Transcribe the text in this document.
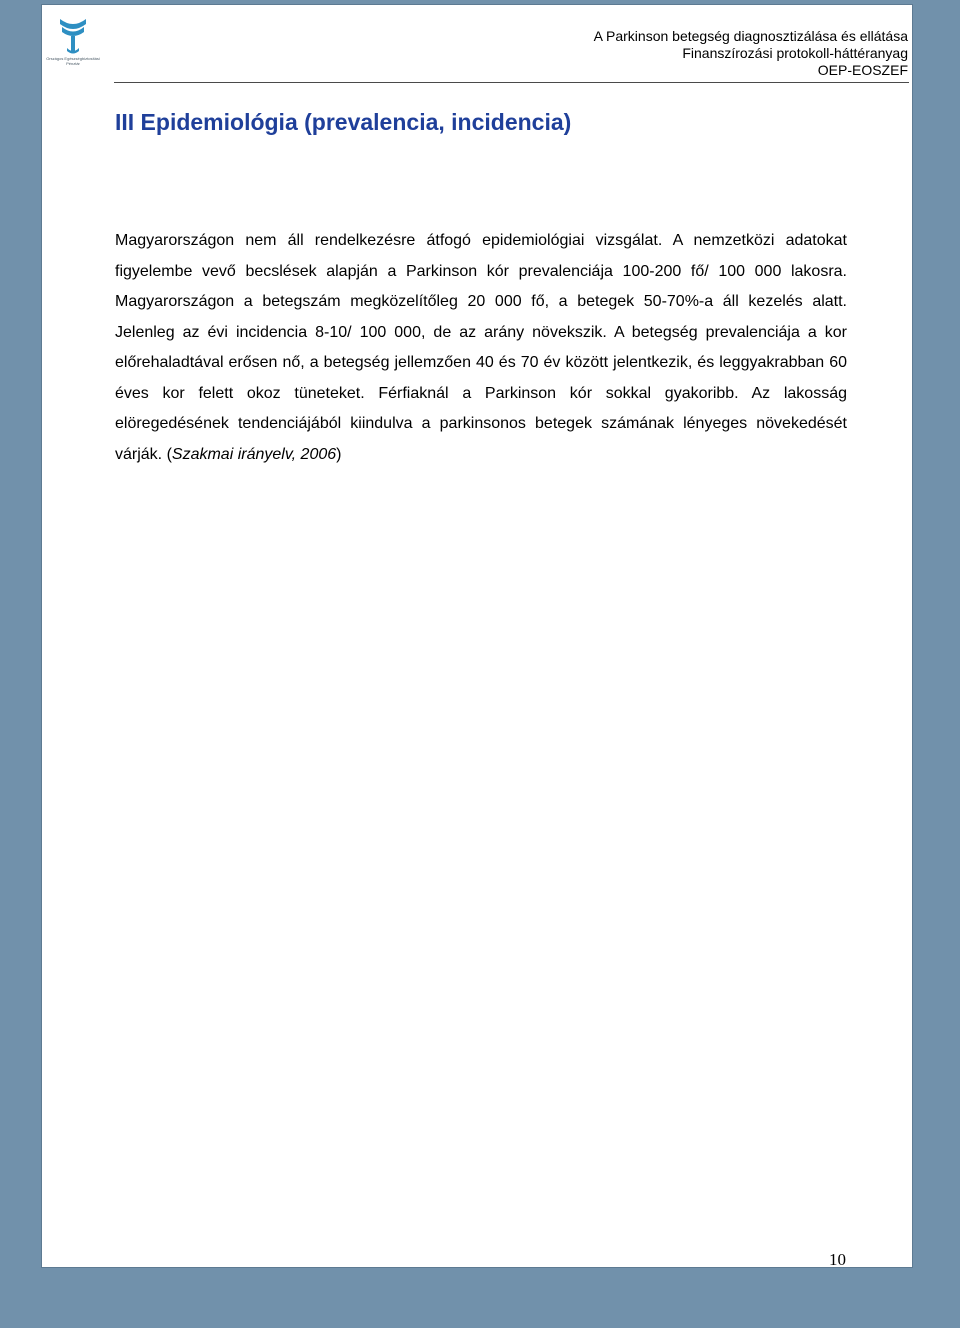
Országos Egészségbiztosítási Pénztár
A Parkinson betegség diagnosztizálása és ellátása
Finanszírozási protokoll-háttéranyag
OEP-EOSZEF
III Epidemiológia (prevalencia, incidencia)

Magyarországon nem áll rendelkezésre átfogó epidemiológiai vizsgálat. A nemzetközi adatokat figyelembe vevő becslések alapján a Parkinson kór prevalenciája 100-200 fő/ 100 000 lakosra. Magyarországon a betegszám megközelítőleg 20 000 fő, a betegek 50-70%-a áll kezelés alatt. Jelenleg az évi incidencia 8-10/ 100 000, de az arány növekszik. A betegség prevalenciája a kor előrehaladtával erősen nő, a betegség jellemzően 40 és 70 év között jelentkezik, és leggyakrabban 60 éves kor felett okoz tüneteket. Férfiaknál a Parkinson kór sokkal gyakoribb. Az lakosság elöregedésének tendenciájából kiindulva a parkinsonos betegek számának lényeges növekedését várják. (Szakmai irányelv, 2006)

10
